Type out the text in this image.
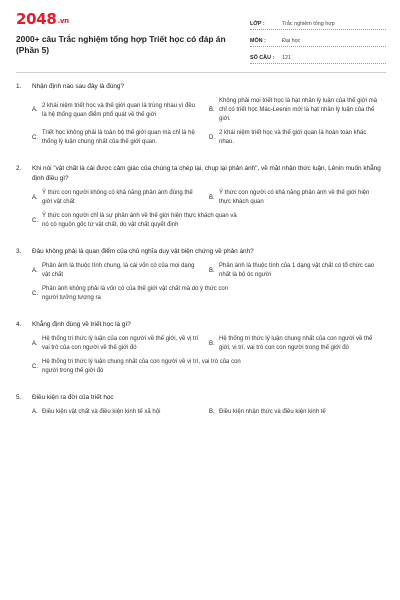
2048.vn
2000+ câu Trắc nghiệm tổng hợp Triết học có đáp án
(Phần 5)
LỚP :	Trắc nghiệm tổng hợp
MÔN :	Đại học
SỐ CÂU :	121
1.	Nhận định nào sau đây là đúng?
A.
2 khái niệm triết học và thế giới quan là trùng nhau vì đều là hệ thống quan điểm phổ quát về thế giới
B.
Không phải mọi triết học là hạt nhân lý luận của thế giới mà chỉ có triết học Mác-Leenin mới là hạt nhân lý luận của thế giới.
C.
Triết học không phải là toàn bộ thế giới quan mà chỉ là hệ thống lý luận chung nhất của thế giới quan.
D.
2 khái niệm triết học và thế giới quan là hoàn toàn khác nhau.
2.	Khi nói "vật chất là cái được cảm giác của chúng ta chép lại, chụp lại phản ánh", về mặt nhận thức luận, Lênin muốn khẳng định điều gì?
A.
Ý thức con người không có khả năng phản ánh đúng thế giới vật chất
B.
Ý thức con người có khả năng phản ánh về thế giới hiện thực khách quan
C.
Ý thức con người chỉ là sự phản ánh về thế giới hiện thực khách quan và nó có nguồn gốc từ vật chất, do vật chất quyết định
3.	Đâu không phải là quan điểm của chủ nghĩa duy vật biện chứng về phản ánh?
A.
Phản ánh là thuộc tính chung, là cái vốn có của mọi dạng vật chất
B.
Phản ánh là thuộc tính của 1 dạng vật chất có tổ chức cao nhất là bộ óc người
C.
Phản ánh không phải là vốn có của thế giới vật chất mà do ý thức con người tưởng tượng ra
4.	Khẳng định đúng về triết học là gì?
A.
Hệ thống tri thức lý luận của con người về thế giới, về vị trí vai trò của con người về thế giới đó
B.
Hệ thống tri thức lý luận chung nhất của con người về thế giới, vị trí, vai trò con con người trong thế giới đó
C.
Hệ thống tri thức lý luận chung nhất của con người về vị trí, vai trò của con người trong thế giới đó
5.	Điều kiện ra đời của triết học
A. Điều kiện vật chất và điều kiện kinh tế xã hội	B. Điều kiện nhận thức và điều kiện kinh tế
